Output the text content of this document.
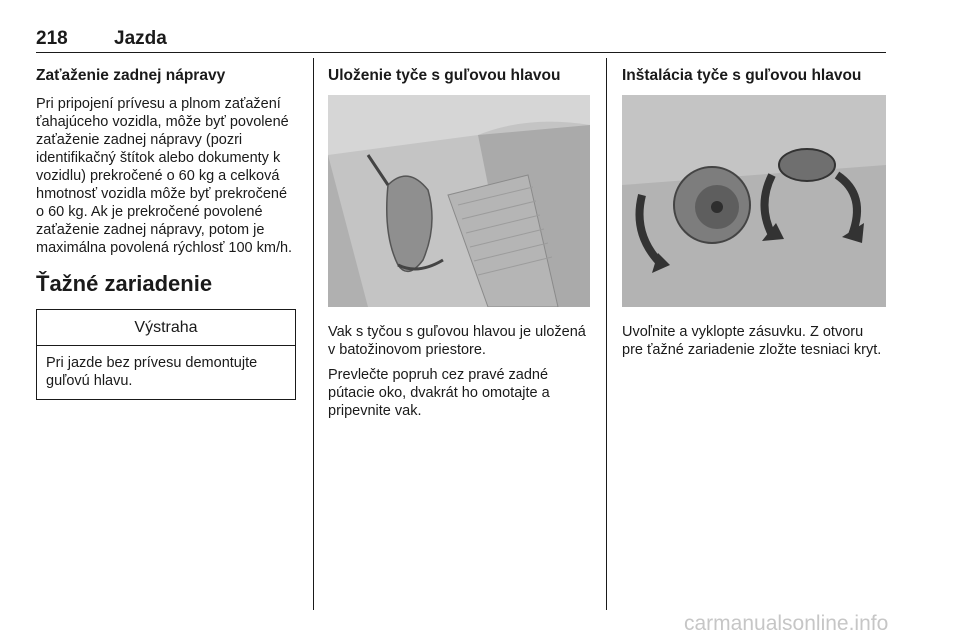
218 Jazda
Zaťaženie zadnej nápravy

Pri pripojení prívesu a plnom zaťažení ťahajúceho vozidla, môže byť povolené zaťaženie zadnej nápravy (pozri identifikačný štítok alebo dokumenty k vozidlu) prekročené o 60 kg a celková hmotnosť vozidla môže byť prekročené o 60 kg. Ak je prekročené povolené zaťaženie zadnej nápravy, potom je maximálna povolená rýchlosť 100 km/h.

Ťažné zariadenie
Výstraha

Pri jazde bez prívesu demontujte guľovú hlavu.

Uloženie tyče s guľovou hlavou

Vak s tyčou s guľovou hlavou je uložená v batožinovom priestore.

Prevlečte popruh cez pravé zadné pútacie oko, dvakrát ho omotajte a pripevnite vak.

Inštalácia tyče s guľovou hlavou

Uvoľnite a vyklopte zásuvku. Z otvoru pre ťažné zariadenie zložte tesniaci kryt.

carmanualsonline.info
